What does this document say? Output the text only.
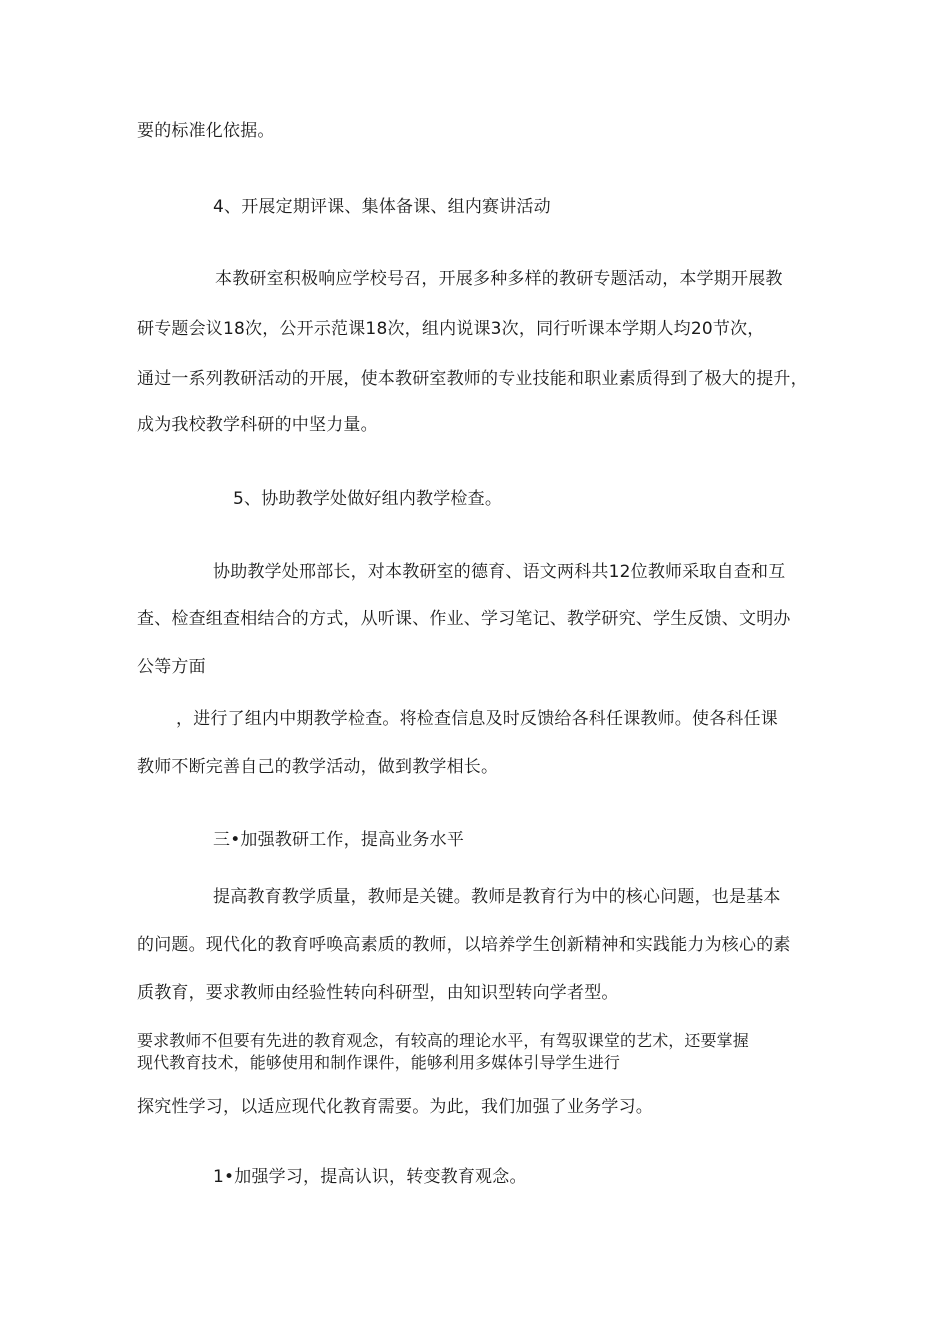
要的标准化依据。
4、开展定期评课、集体备课、组内赛讲活动
本教研室积极响应学校号召，开展多种多样的教研专题活动，本学期开展教
研专题会议18次，公开示范课18次，组内说课3次，同行听课本学期人均20节次，
通过一系列教研活动的开展，使本教研室教师的专业技能和职业素质得到了极大的提升，
成为我校教学科研的中坚力量。
5、协助教学处做好组内教学检查。
协助教学处邢部长，对本教研室的德育、语文两科共12位教师采取自查和互
查、检查组查相结合的方式，从听课、作业、学习笔记、教学研究、学生反馈、文明办
公等方面
，进行了组内中期教学检查。将检查信息及时反馈给各科任课教师。使各科任课
教师不断完善自己的教学活动，做到教学相长。
三•加强教研工作，提高业务水平
提高教育教学质量，教师是关键。教师是教育行为中的核心问题，也是基本
的问题。现代化的教育呼唤高素质的教师，以培养学生创新精神和实践能力为核心的素
质教育，要求教师由经验性转向科研型，由知识型转向学者型。
要求教师不但要有先进的教育观念，有较高的理论水平，有驾驭课堂的艺术，还要掌握
现代教育技术，能够使用和制作课件，能够利用多媒体引导学生进行
探究性学习，以适应现代化教育需要。为此，我们加强了业务学习。
1•加强学习，提高认识，转变教育观念。
